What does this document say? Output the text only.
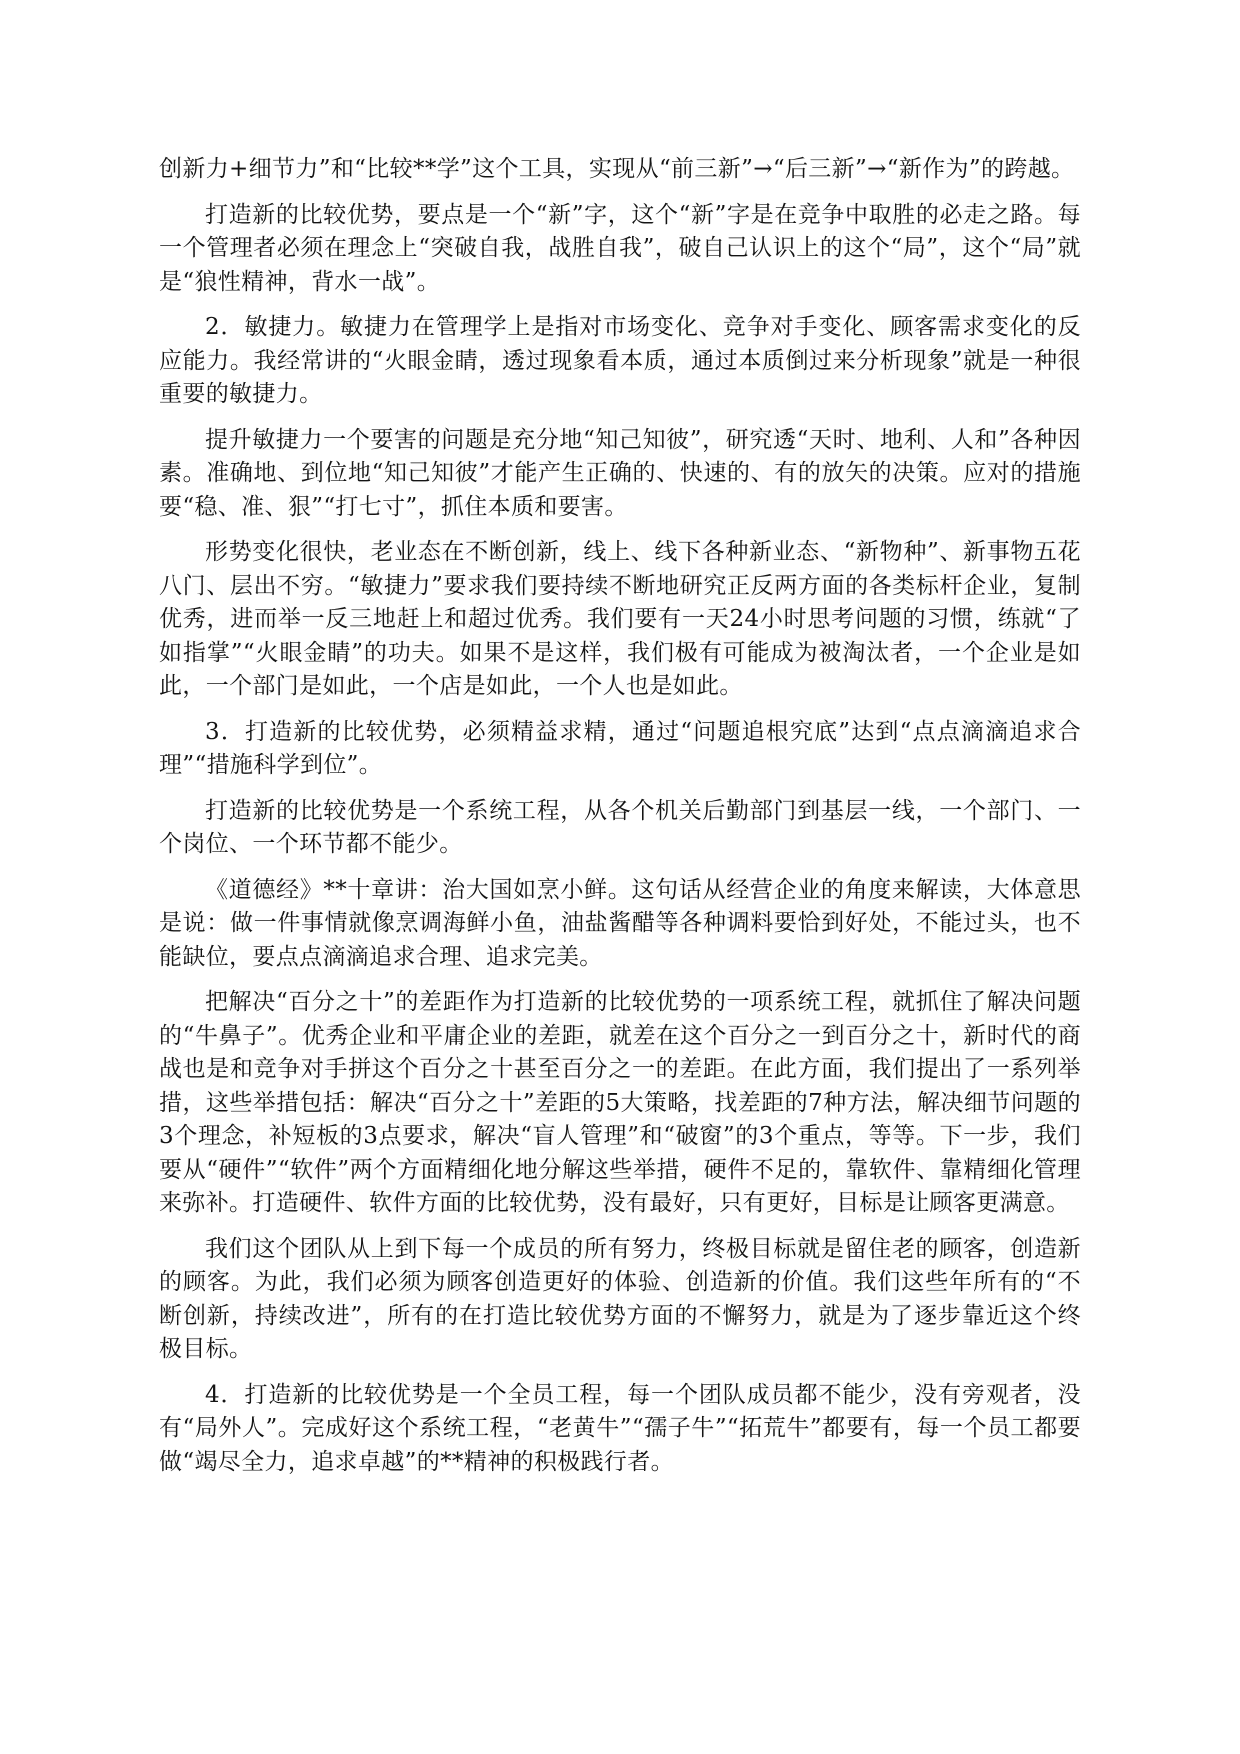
创新力+细节力”和“比较**学”这个工具，实现从“前三新”→“后三新”→“新作为”的跨越。

打造新的比较优势，要点是一个“新”字，这个“新”字是在竞争中取胜的必走之路。每一个管理者必须在理念上“突破自我，战胜自我”，破自己认识上的这个“局”，这个“局”就是“狼性精神，背水一战”。

2．敏捷力。敏捷力在管理学上是指对市场变化、竞争对手变化、顾客需求变化的反应能力。我经常讲的“火眼金睛，透过现象看本质，通过本质倒过来分析现象”就是一种很重要的敏捷力。

提升敏捷力一个要害的问题是充分地“知己知彼”，研究透“天时、地利、人和”各种因素。准确地、到位地“知己知彼”才能产生正确的、快速的、有的放矢的决策。应对的措施要“稳、准、狠”“打七寸”，抓住本质和要害。

形势变化很快，老业态在不断创新，线上、线下各种新业态、“新物种”、新事物五花八门、层出不穷。“敏捷力”要求我们要持续不断地研究正反两方面的各类标杆企业，复制优秀，进而举一反三地赶上和超过优秀。我们要有一天24小时思考问题的习惯，练就“了如指掌”“火眼金睛”的功夫。如果不是这样，我们极有可能成为被淘汰者，一个企业是如此，一个部门是如此，一个店是如此，一个人也是如此。

3．打造新的比较优势，必须精益求精，通过“问题追根究底”达到“点点滴滴追求合理”“措施科学到位”。

打造新的比较优势是一个系统工程，从各个机关后勤部门到基层一线，一个部门、一个岗位、一个环节都不能少。

《道德经》**十章讲：治大国如烹小鲜。这句话从经营企业的角度来解读，大体意思是说：做一件事情就像烹调海鲜小鱼，油盐酱醋等各种调料要恰到好处，不能过头，也不能缺位，要点点滴滴追求合理、追求完美。

把解决“百分之十”的差距作为打造新的比较优势的一项系统工程，就抓住了解决问题的“牛鼻子”。优秀企业和平庸企业的差距，就差在这个百分之一到百分之十，新时代的商战也是和竞争对手拼这个百分之十甚至百分之一的差距。在此方面，我们提出了一系列举措，这些举措包括：解决“百分之十”差距的5大策略，找差距的7种方法，解决细节问题的3个理念，补短板的3点要求，解决“盲人管理”和“破窗”的3个重点，等等。下一步，我们要从“硬件”“软件”两个方面精细化地分解这些举措，硬件不足的，靠软件、靠精细化管理来弥补。打造硬件、软件方面的比较优势，没有最好，只有更好，目标是让顾客更满意。

我们这个团队从上到下每一个成员的所有努力，终极目标就是留住老的顾客，创造新的顾客。为此，我们必须为顾客创造更好的体验、创造新的价值。我们这些年所有的“不断创新，持续改进”，所有的在打造比较优势方面的不懈努力，就是为了逐步靠近这个终极目标。

4．打造新的比较优势是一个全员工程，每一个团队成员都不能少，没有旁观者，没有“局外人”。完成好这个系统工程，“老黄牛”“孺子牛”“拓荒牛”都要有，每一个员工都要做“竭尽全力，追求卓越”的**精神的积极践行者。
